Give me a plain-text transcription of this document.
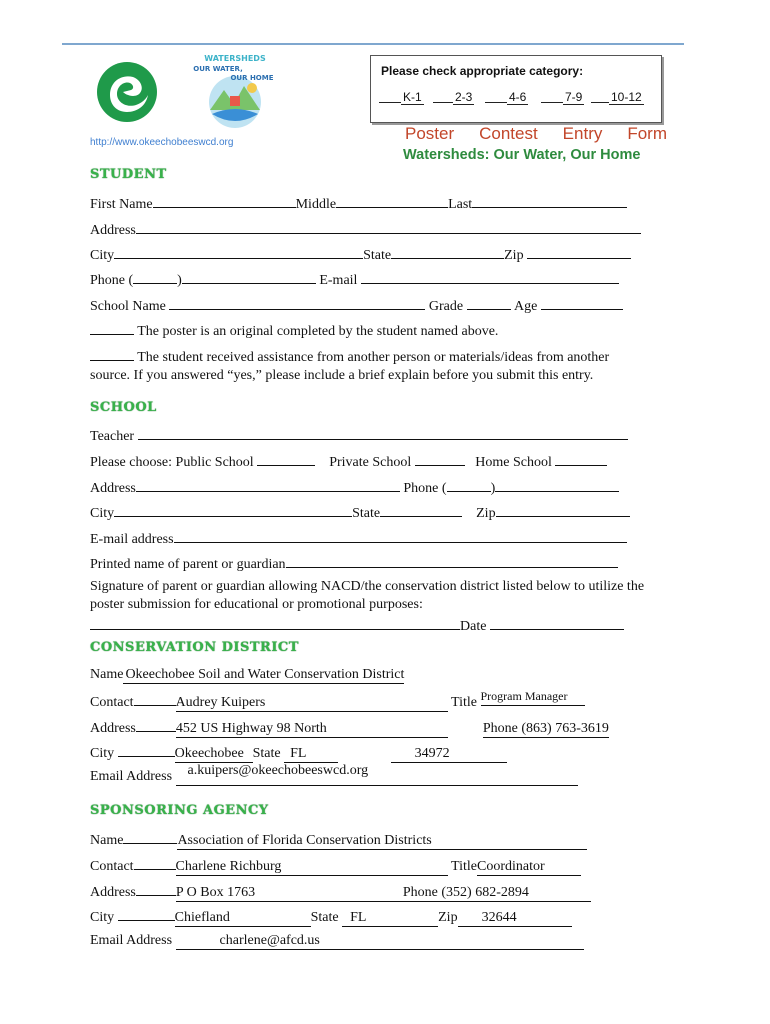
WATERSHEDS
OUR WATER,
OUR HOME
http://www.okeechobeeswcd.org
Please check appropriate category:
K-1	2-3	4-6	7-9 10-12
Poster Contest Entry Form
Watersheds: Our Water, Our Home
STUDENT
First Name	Middle	Last
Address
City	State	Zip
Phone (	)	E-mail
School Name	Grade	Age
The poster is an original completed by the student named above.
The student received assistance from another person or materials/ideas from another source. If you answered “yes,” please include a brief explain before you submit this entry.
SCHOOL
Teacher
Please choose: Public School	Private School	Home School
Address	Phone (	)
City	State	Zip
E-mail address
Printed name of parent or guardian
Signature of parent or guardian allowing NACD/the conservation district listed below to utilize the poster submission for educational or promotional purposes:
Date
CONSERVATION DISTRICT
Name Okeechobee Soil and Water Conservation District
Contact	Audrey Kuipers	Title Program Manager
Address	452 US Highway 98 North	Phone (863) 763-3619
City	Okeechobee State FL	34972
Email Address a.kuipers@okeechobeeswcd.org
SPONSORING AGENCY
Name	Association of Florida Conservation Districts
Contact	Charlene Richburg	TitleCoordinator
Address	P O Box 1763	Phone (352) 682-2894
City	Chiefland	State FL	Zip 32644
Email Address	charlene@afcd.us
